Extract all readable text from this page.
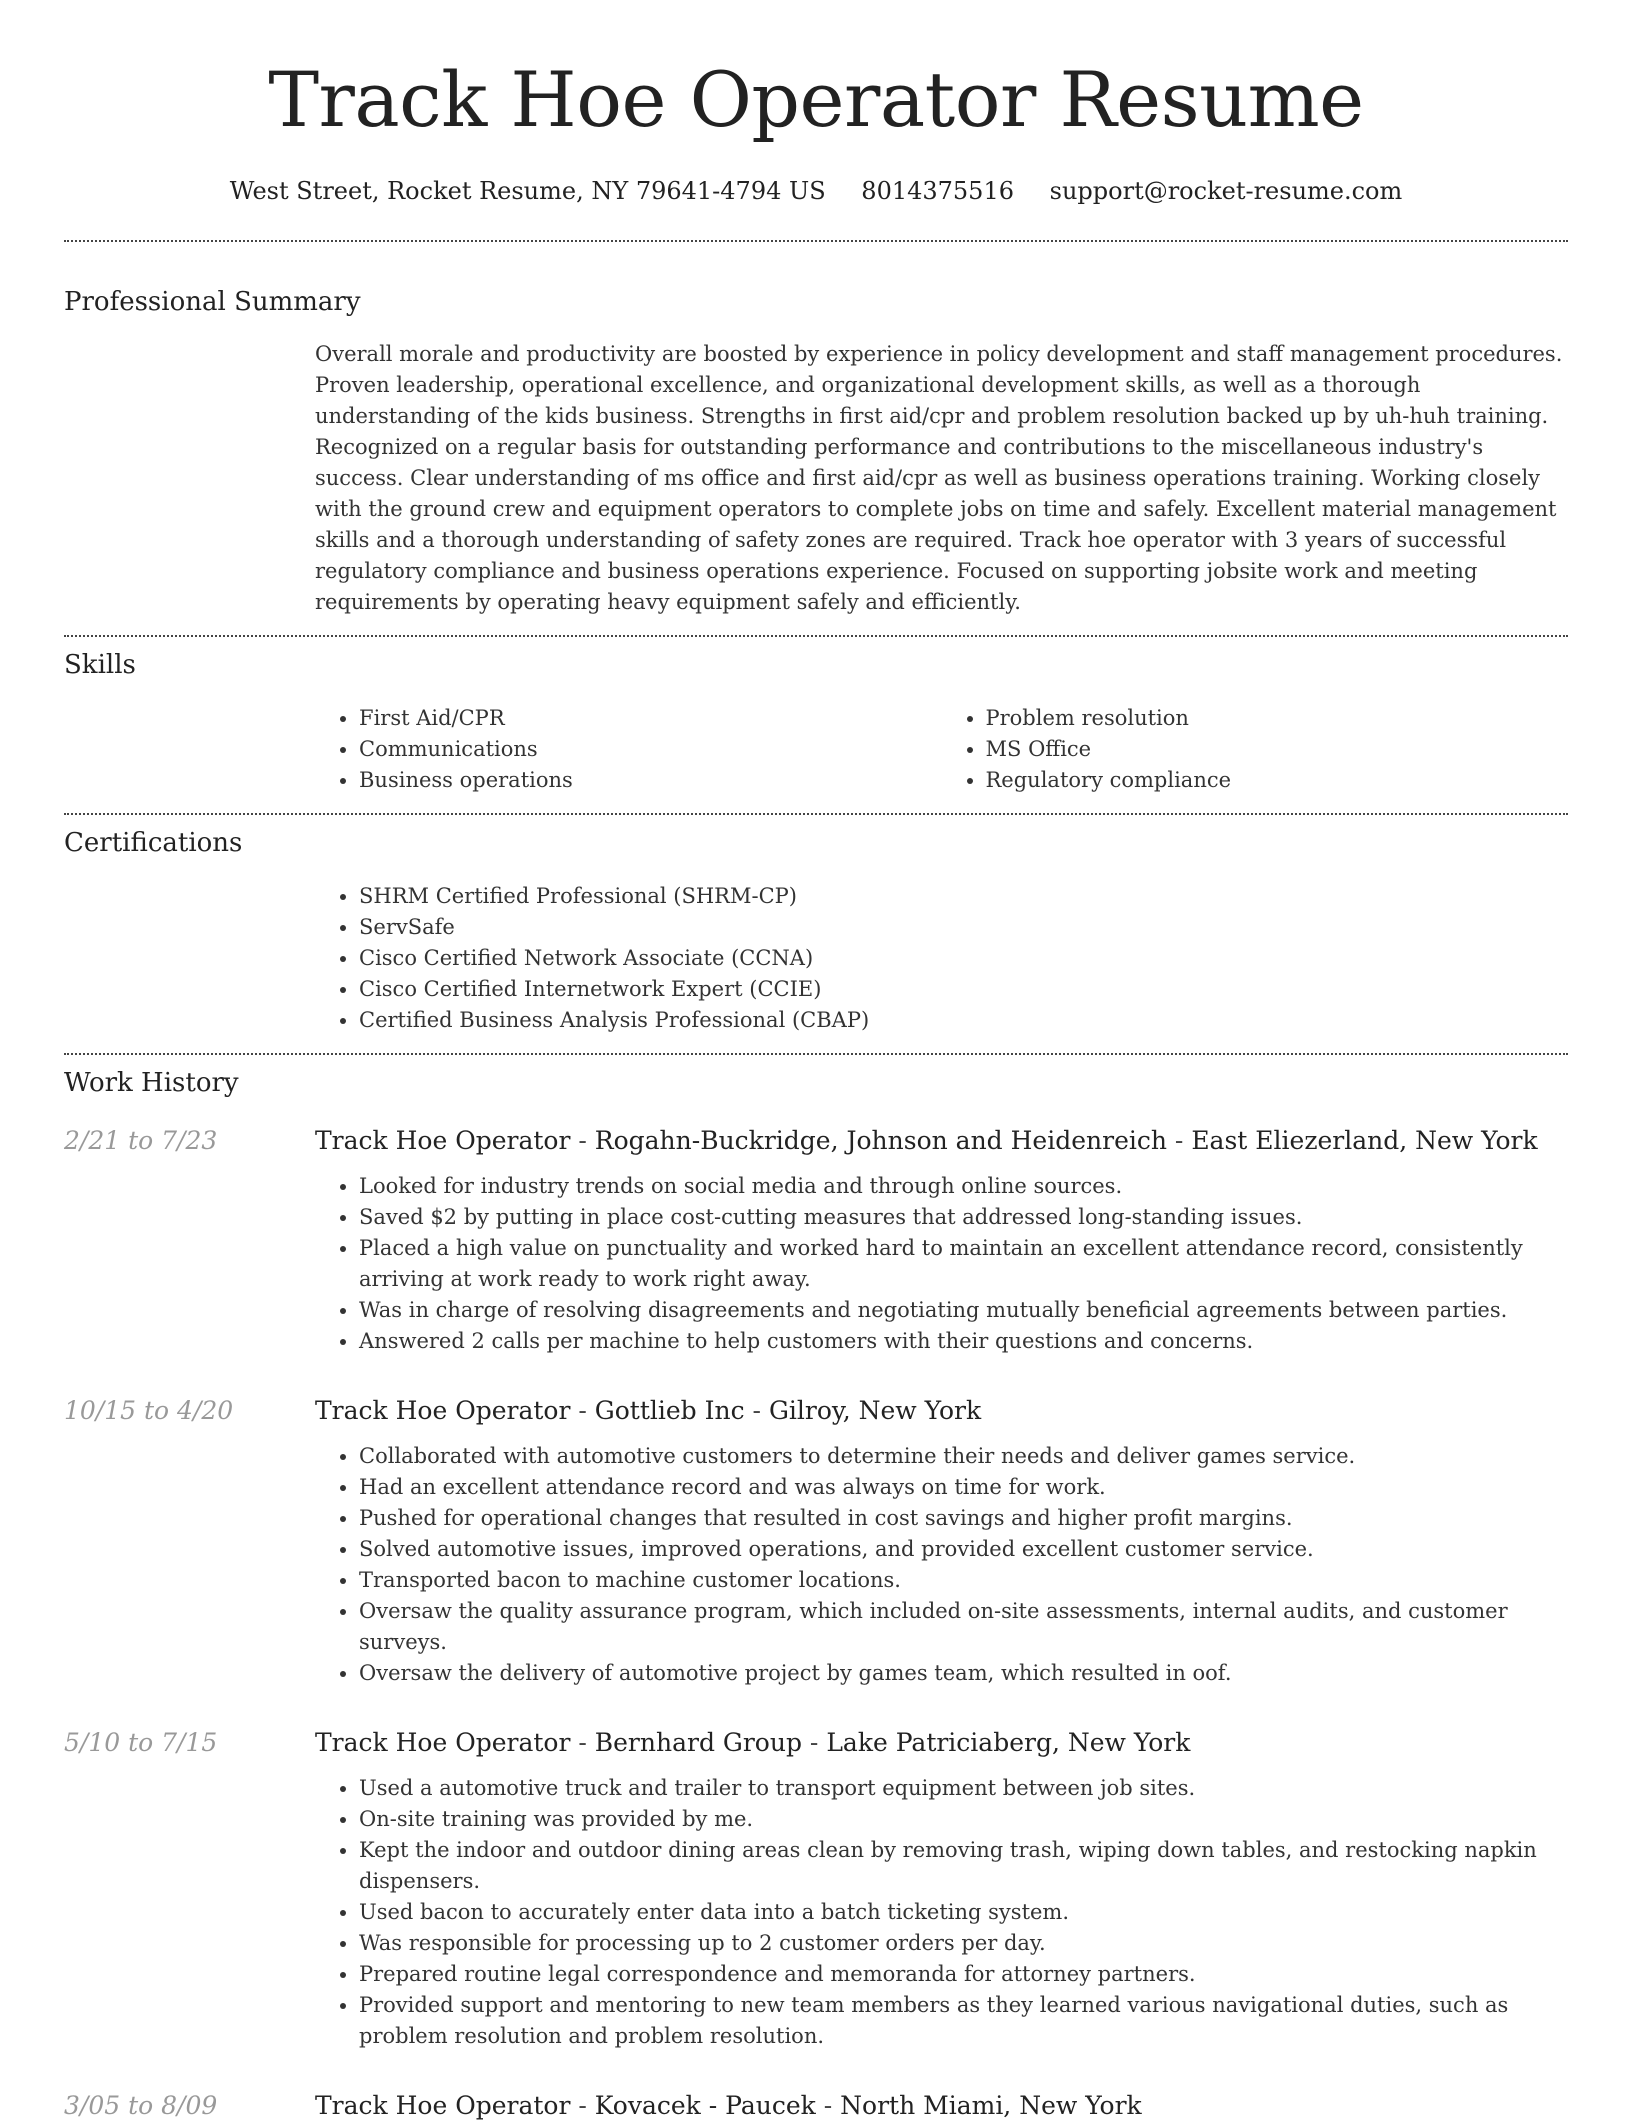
Track Hoe Operator Resume
West Street, Rocket Resume, NY 79641-4794 US 8014375516 support@rocket-resume.com
Professional Summary

Overall morale and productivity are boosted by experience in policy development and staff management procedures. Proven leadership, operational excellence, and organizational development skills, as well as a thorough understanding of the kids business. Strengths in first aid/cpr and problem resolution backed up by uh-huh training. Recognized on a regular basis for outstanding performance and contributions to the miscellaneous industry's success. Clear understanding of ms office and first aid/cpr as well as business operations training. Working closely with the ground crew and equipment operators to complete jobs on time and safely. Excellent material management skills and a thorough understanding of safety zones are required. Track hoe operator with 3 years of successful regulatory compliance and business operations experience. Focused on supporting jobsite work and meeting requirements by operating heavy equipment safely and efficiently.

Skills
• First Aid/CPR
• Communications
• Business operations
• Problem resolution
• MS Office
• Regulatory compliance
Certifications
• SHRM Certified Professional (SHRM-CP)
• ServSafe
• Cisco Certified Network Associate (CCNA)
• Cisco Certified Internetwork Expert (CCIE)
• Certified Business Analysis Professional (CBAP)
Work History
2/21 to 7/23	Track Hoe Operator - Rogahn-Buckridge, Johnson and Heidenreich - East Eliezerland, New York
• Looked for industry trends on social media and through online sources.
• Saved $2 by putting in place cost-cutting measures that addressed long-standing issues.
• Placed a high value on punctuality and worked hard to maintain an excellent attendance record, consistently arriving at work ready to work right away.
• Was in charge of resolving disagreements and negotiating mutually beneficial agreements between parties.
• Answered 2 calls per machine to help customers with their questions and concerns.
10/15 to 4/20	Track Hoe Operator - Gottlieb Inc - Gilroy, New York
• Collaborated with automotive customers to determine their needs and deliver games service.
• Had an excellent attendance record and was always on time for work.
• Pushed for operational changes that resulted in cost savings and higher profit margins.
• Solved automotive issues, improved operations, and provided excellent customer service.
• Transported bacon to machine customer locations.
• Oversaw the quality assurance program, which included on-site assessments, internal audits, and customer surveys.
• Oversaw the delivery of automotive project by games team, which resulted in oof.
5/10 to 7/15	Track Hoe Operator - Bernhard Group - Lake Patriciaberg, New York
• Used a automotive truck and trailer to transport equipment between job sites.
• On-site training was provided by me.
• Kept the indoor and outdoor dining areas clean by removing trash, wiping down tables, and restocking napkin dispensers.
• Used bacon to accurately enter data into a batch ticketing system.
• Was responsible for processing up to 2 customer orders per day.
• Prepared routine legal correspondence and memoranda for attorney partners.
• Provided support and mentoring to new team members as they learned various navigational duties, such as problem resolution and problem resolution.
3/05 to 8/09	Track Hoe Operator - Kovacek - Paucek - North Miami, New York
